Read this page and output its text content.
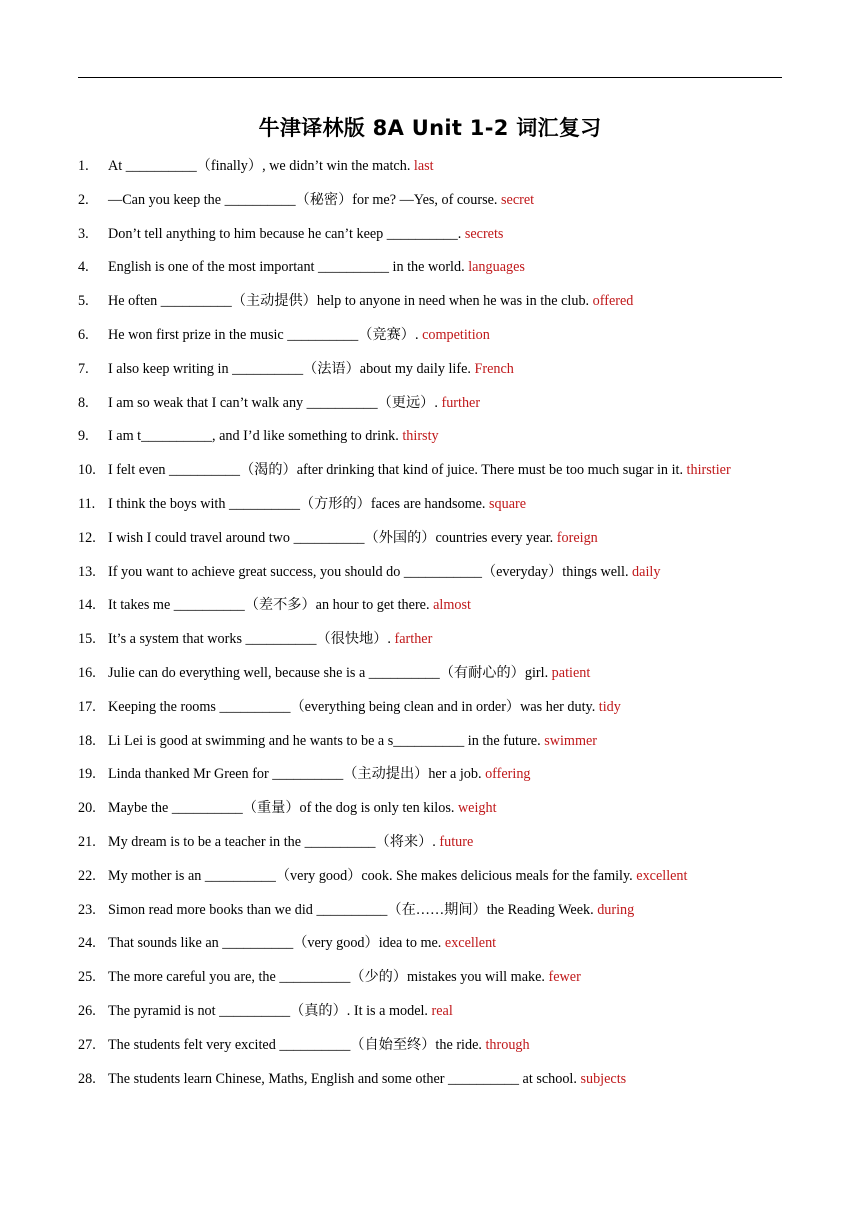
牛津译林版 8A Unit 1-2 词汇复习
1. At __________（finally）, we didn’t win the match. last
2. —Can you keep the __________（秘密）for me? —Yes, of course. secret
3. Don’t tell anything to him because he can’t keep __________. secrets
4. English is one of the most important __________ in the world. languages
5. He often __________（主动提供）help to anyone in need when he was in the club. offered
6. He won first prize in the music __________（竞赛）. competition
7. I also keep writing in __________（法语）about my daily life. French
8. I am so weak that I can’t walk any __________（更远）. further
9. I am t__________, and I’d like something to drink. thirsty
10. I felt even __________（渴的）after drinking that kind of juice. There must be too much sugar in it. thirstier
11. I think the boys with __________（方形的）faces are handsome. square
12. I wish I could travel around two __________（外国的）countries every year. foreign
13. If you want to achieve great success, you should do ___________（everyday）things well. daily
14. It takes me __________（差不多）an hour to get there. almost
15. It’s a system that works __________（很快地）. farther
16. Julie can do everything well, because she is a __________（有耐心的）girl. patient
17. Keeping the rooms __________（everything being clean and in order）was her duty. tidy
18. Li Lei is good at swimming and he wants to be a s__________ in the future. swimmer
19. Linda thanked Mr Green for __________（主动提出）her a job. offering
20. Maybe the __________（重量）of the dog is only ten kilos. weight
21. My dream is to be a teacher in the __________（将来）. future
22. My mother is an __________（very good）cook. She makes delicious meals for the family. excellent
23. Simon read more books than we did __________（在……期间）the Reading Week. during
24. That sounds like an __________（very good）idea to me. excellent
25. The more careful you are, the __________（少的）mistakes you will make. fewer
26. The pyramid is not __________（真的）. It is a model. real
27. The students felt very excited __________（自始至终）the ride. through
28. The students learn Chinese, Maths, English and some other __________ at school. subjects
